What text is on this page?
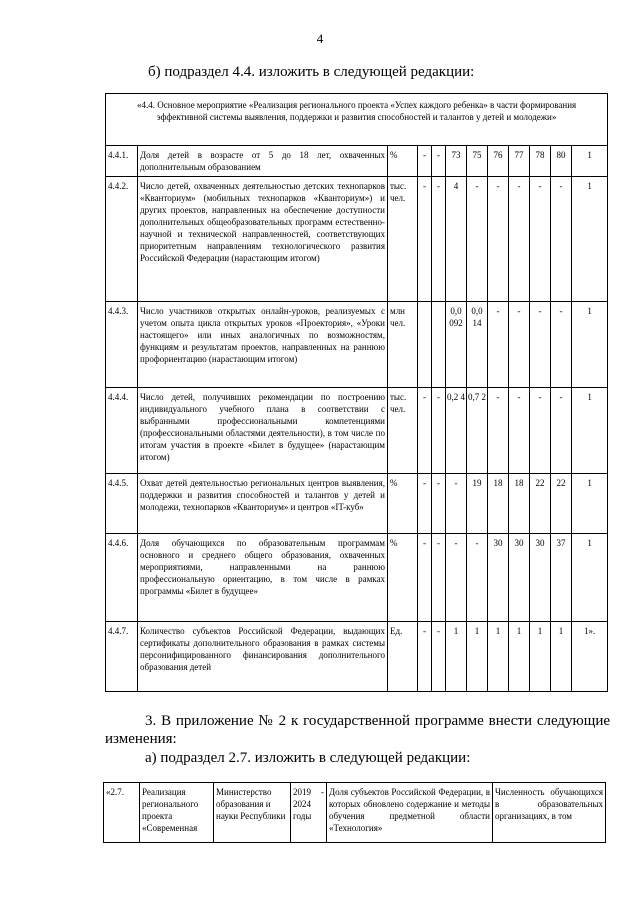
4
б) подраздел 4.4. изложить в следующей редакции:
«4.4. Основное мероприятие «Реализация регионального проекта «Успех каждого ребенка» в части формирования эффективной системы выявления, поддержки и развития способностей и талантов у детей и молодежи»											
4.4.1.	Доля детей в возрасте от 5 до 18 лет, охваченных дополнительным образованием	%	-	-	73	75	76	77	78	80	1
4.4.2.	Число детей, охваченных деятельностью детских технопарков «Кванториум» (мобильных технопарков «Кванториум») и других проектов, направленных на обеспечение доступности дополнительных общеобразовательных программ естественно-научной и технической направленностей, соответствующих приоритетным направлениям технологического развития Российской Федерации (нарастающим итогом)	тыс. чел.	-	-	4	-	-	-	-	-	1
4.4.3.	Число участников открытых онлайн-уроков, реализуемых с учетом опыта цикла открытых уроков «Проектория», «Уроки настоящего» или иных аналогичных по возможностям, функциям и результатам проектов, направленных на раннюю профориентацию (нарастающим итогом)	млн чел.			0,0 092	0,0 14	-	-	-	-	1
4.4.4.	Число детей, получивших рекомендации по построению индивидуального учебного плана в соответствии с выбранными профессиональными компетенциями (профессиональными областями деятельности), в том числе по итогам участия в проекте «Билет в будущее» (нарастающим итогом)	тыс. чел.	-	-	0,2 4	0,7 2	-	-	-	-	1
4.4.5.	Охват детей деятельностью региональных центров выявления, поддержки и развития способностей и талантов у детей и молодежи, технопарков «Кванториум» и центров «IT-куб»	%	-	-	-	19	18	18	22	22	1
4.4.6.	Доля обучающихся по образовательным программам основного и среднего общего образования, охваченных мероприятиями, направленными на раннюю профессиональную ориентацию, в том числе в рамках программы «Билет в будущее»	%	-	-	-	-	30	30	30	37	1
4.4.7.	Количество субъектов Российской Федерации, выдающих сертификаты дополнительного образования в рамках системы персонифицированного финансирования дополнительного образования детей	Ед.	-	-	1	1	1	1	1	1	1».
3. В приложение № 2 к государственной программе внести следующие изменения:
а) подраздел 2.7. изложить в следующей редакции:
«2.7.	Реализация регионального проекта «Современная	Министерство образования и науки Республики	2019 - 2024 годы	Доля субъектов Российской Федерации, в которых обновлено содержание и методы обучения предметной области «Технология»	Численность обучающихся в образовательных организациях, в том
